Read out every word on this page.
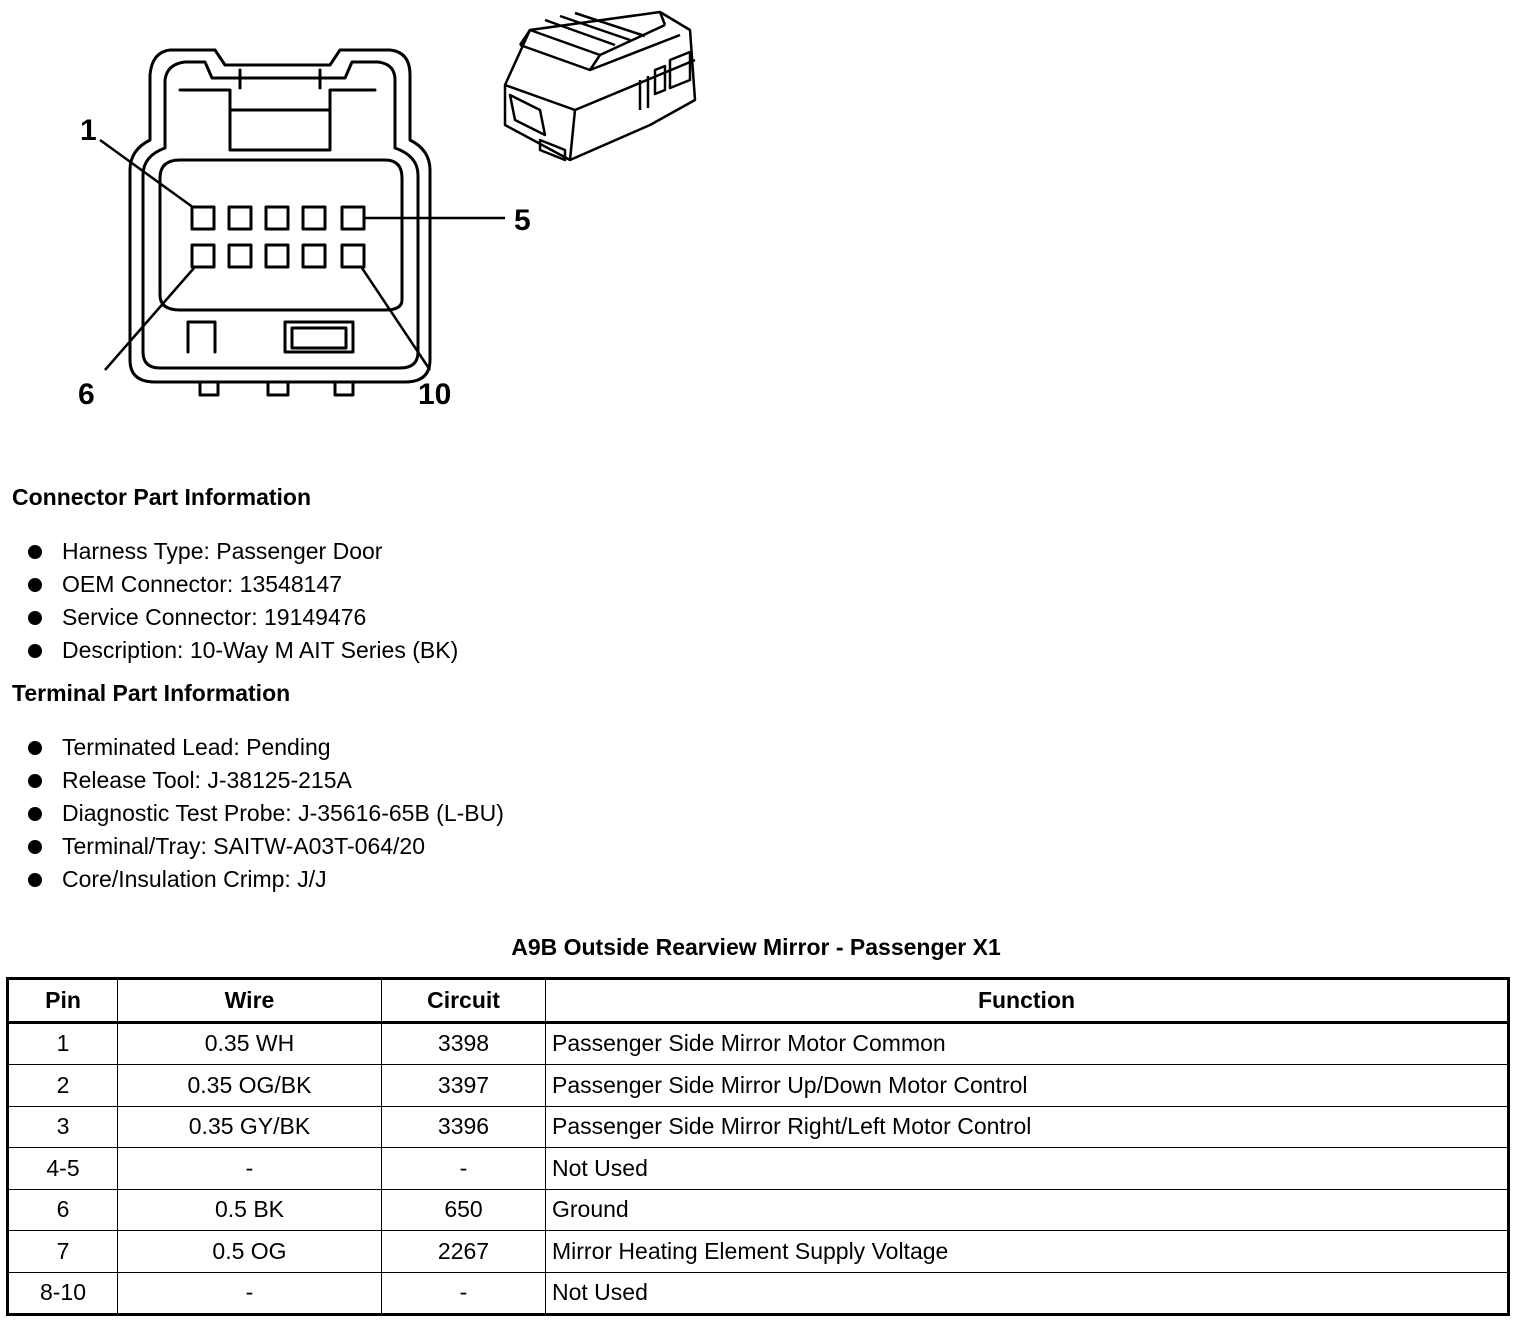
1
5
6	10
Connector Part Information
Harness Type: Passenger Door
OEM Connector: 13548147
Service Connector: 19149476
Description: 10-Way M AIT Series (BK)
Terminal Part Information
Terminated Lead: Pending
Release Tool: J-38125-215A
Diagnostic Test Probe: J-35616-65B (L-BU)
Terminal/Tray: SAITW-A03T-064/20
Core/Insulation Crimp: J/J
A9B Outside Rearview Mirror - Passenger X1
Pin	Wire	Circuit	Function
1	0.35 WH	3398	Passenger Side Mirror Motor Common
2	0.35 OG/BK	3397	Passenger Side Mirror Up/Down Motor Control
3	0.35 GY/BK	3396	Passenger Side Mirror Right/Left Motor Control
4-5	-	-	Not Used
6	0.5 BK	650	Ground
7	0.5 OG	2267	Mirror Heating Element Supply Voltage
8-10	-	-	Not Used
